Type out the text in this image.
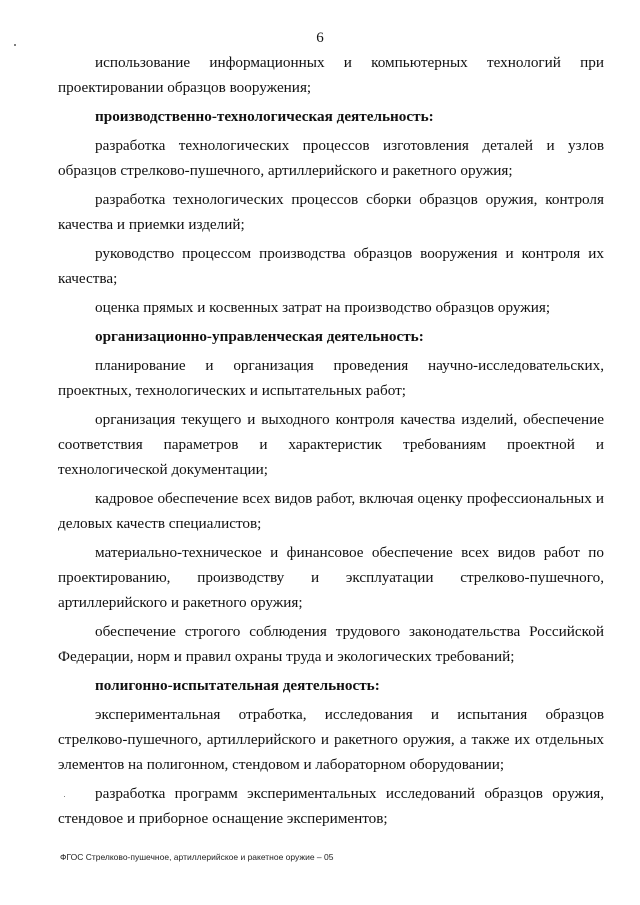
6

использование информационных и компьютерных технологий при проектировании образцов вооружения;

производственно-технологическая деятельность:

разработка технологических процессов изготовления деталей и узлов образцов стрелково-пушечного, артиллерийского и ракетного оружия;

разработка технологических процессов сборки образцов оружия, контроля качества и приемки изделий;

руководство процессом производства образцов вооружения и контроля их качества;

оценка прямых и косвенных затрат на производство образцов оружия;

организационно-управленческая деятельность:

планирование и организация проведения научно-исследовательских, проектных, технологических и испытательных работ;

организация текущего и выходного контроля качества изделий, обеспечение соответствия параметров и характеристик требованиям проектной и технологической документации;

кадровое обеспечение всех видов работ, включая оценку профессиональных и деловых качеств специалистов;

материально-техническое и финансовое обеспечение всех видов работ по проектированию, производству и эксплуатации стрелково-пушечного, артиллерийского и ракетного оружия;

обеспечение строгого соблюдения трудового законодательства Российской Федерации, норм и правил охраны труда и экологических требований;

полигонно-испытательная деятельность:

экспериментальная отработка, исследования и испытания образцов стрелково-пушечного, артиллерийского и ракетного оружия, а также их отдельных элементов на полигонном, стендовом и лабораторном оборудовании;

разработка программ экспериментальных исследований образцов оружия, стендовое и приборное оснащение экспериментов;

ФГОС Стрелково-пушечное, артиллерийское и ракетное оружие – 05
